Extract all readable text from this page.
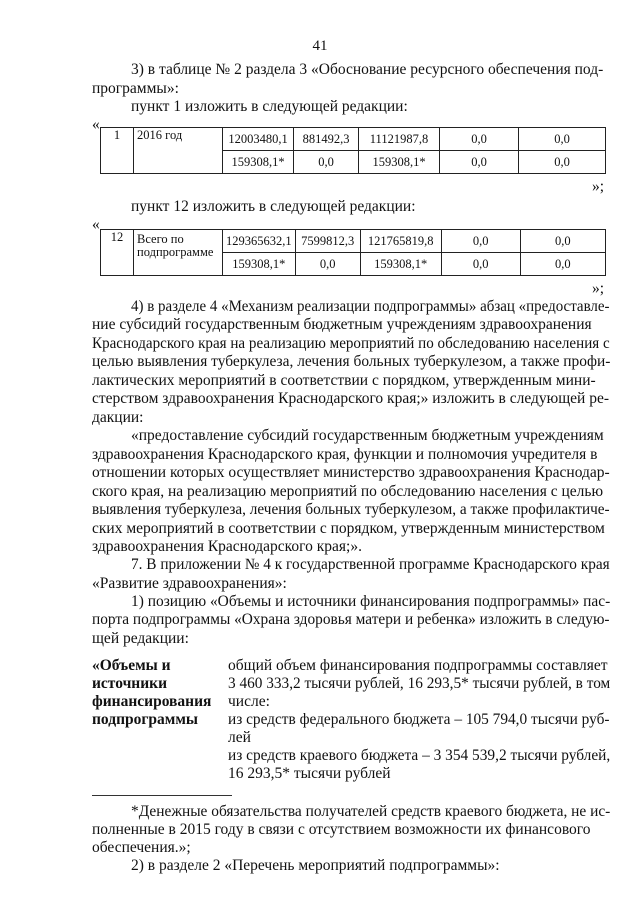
41
3) в таблице № 2 раздела 3 «Обоснование ресурсного обеспечения под-
программы»:
пункт 1 изложить в следующей редакции:
«
1	2016 год	12003480,1	881492,3	11121987,8	0,0	0,0
		159308,1*	0,0	159308,1*	0,0	0,0
»;
пункт 12 изложить в следующей редакции:
«
12	Всего по
подпрограмме	129365632,1	7599812,3	121765819,8	0,0	0,0
		159308,1*	0,0	159308,1*	0,0	0,0
»;
4) в разделе 4 «Механизм реализации подпрограммы» абзац «предоставле-
ние субсидий государственным бюджетным учреждениям здравоохранения
Краснодарского края на реализацию мероприятий по обследованию населения с
целью выявления туберкулеза, лечения больных туберкулезом, а также профи-
лактических мероприятий в соответствии с порядком, утвержденным мини-
стерством здравоохранения Краснодарского края;» изложить в следующей ре-
дакции:
«предоставление субсидий государственным бюджетным учреждениям
здравоохранения Краснодарского края, функции и полномочия учредителя в
отношении которых осуществляет министерство здравоохранения Краснодар-
ского края, на реализацию мероприятий по обследованию населения с целью
выявления туберкулеза, лечения больных туберкулезом, а также профилактиче-
ских мероприятий в соответствии с порядком, утвержденным министерством
здравоохранения Краснодарского края;».
7. В приложении № 4 к государственной программе Краснодарского края
«Развитие здравоохранения»:
1) позицию «Объемы и источники финансирования подпрограммы» пас-
порта подпрограммы «Охрана здоровья матери и ребенка» изложить в следую-
щей редакции:
«Объемы и
источники
финансирования
подпрограммы
общий объем финансирования подпрограммы составляет
3 460 333,2 тысячи рублей, 16 293,5* тысячи рублей, в том
числе:
из средств федерального бюджета – 105 794,0 тысячи руб-
лей
из средств краевого бюджета – 3 354 539,2 тысячи рублей,
16 293,5* тысячи рублей
*Денежные обязательства получателей средств краевого бюджета, не ис-
полненные в 2015 году в связи с отсутствием возможности их финансового
обеспечения.»;
2) в разделе 2 «Перечень мероприятий подпрограммы»:
